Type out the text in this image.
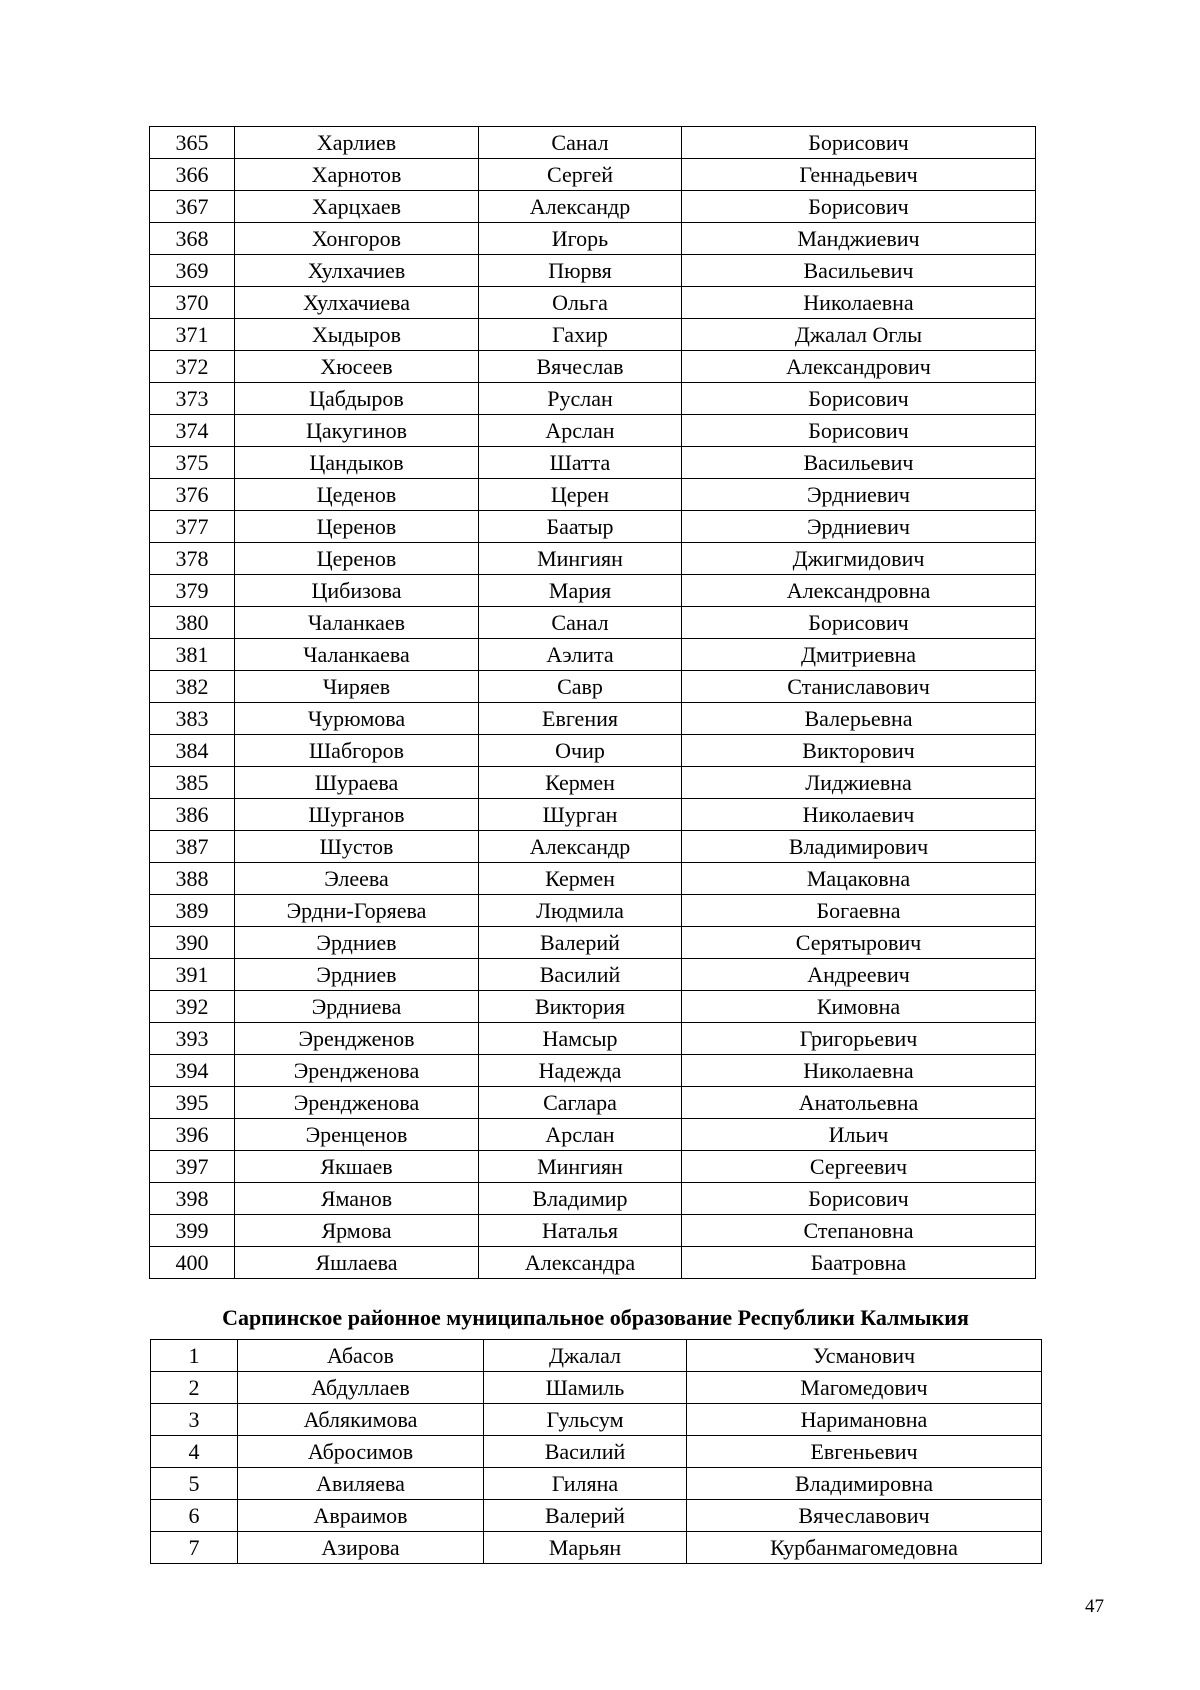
365	Харлиев	Санал	Борисович
366	Харнотов	Сергей	Геннадьевич
367	Харцхаев	Александр	Борисович
368	Хонгоров	Игорь	Манджиевич
369	Хулхачиев	Пюрвя	Васильевич
370	Хулхачиева	Ольга	Николаевна
371	Хыдыров	Гахир	Джалал Оглы
372	Хюсеев	Вячеслав	Александрович
373	Цабдыров	Руслан	Борисович
374	Цакугинов	Арслан	Борисович
375	Цандыков	Шатта	Васильевич
376	Цеденов	Церен	Эрдниевич
377	Церенов	Баатыр	Эрдниевич
378	Церенов	Мингиян	Джигмидович
379	Цибизова	Мария	Александровна
380	Чаланкаев	Санал	Борисович
381	Чаланкаева	Аэлита	Дмитриевна
382	Чиряев	Савр	Станиславович
383	Чурюмова	Евгения	Валерьевна
384	Шабгоров	Очир	Викторович
385	Шураева	Кермен	Лиджиевна
386	Шурганов	Шурган	Николаевич
387	Шустов	Александр	Владимирович
388	Элеева	Кермен	Мацаковна
389	Эрдни-Горяева	Людмила	Богаевна
390	Эрдниев	Валерий	Серятырович
391	Эрдниев	Василий	Андреевич
392	Эрдниева	Виктория	Кимовна
393	Эрендженов	Намсыр	Григорьевич
394	Эрендженова	Надежда	Николаевна
395	Эрендженова	Саглара	Анатольевна
396	Эренценов	Арслан	Ильич
397	Якшаев	Мингиян	Сергеевич
398	Яманов	Владимир	Борисович
399	Ярмова	Наталья	Степановна
400	Яшлаева	Александра	Баатровна
Сарпинское районное муниципальное образование Республики Калмыкия
1	Абасов	Джалал	Усманович
2	Абдуллаев	Шамиль	Магомедович
3	Аблякимова	Гульсум	Наримановна
4	Абросимов	Василий	Евгеньевич
5	Авиляева	Гиляна	Владимировна
6	Авраимов	Валерий	Вячеславович
7	Азирова	Марьян	Курбанмагомедовна
47
